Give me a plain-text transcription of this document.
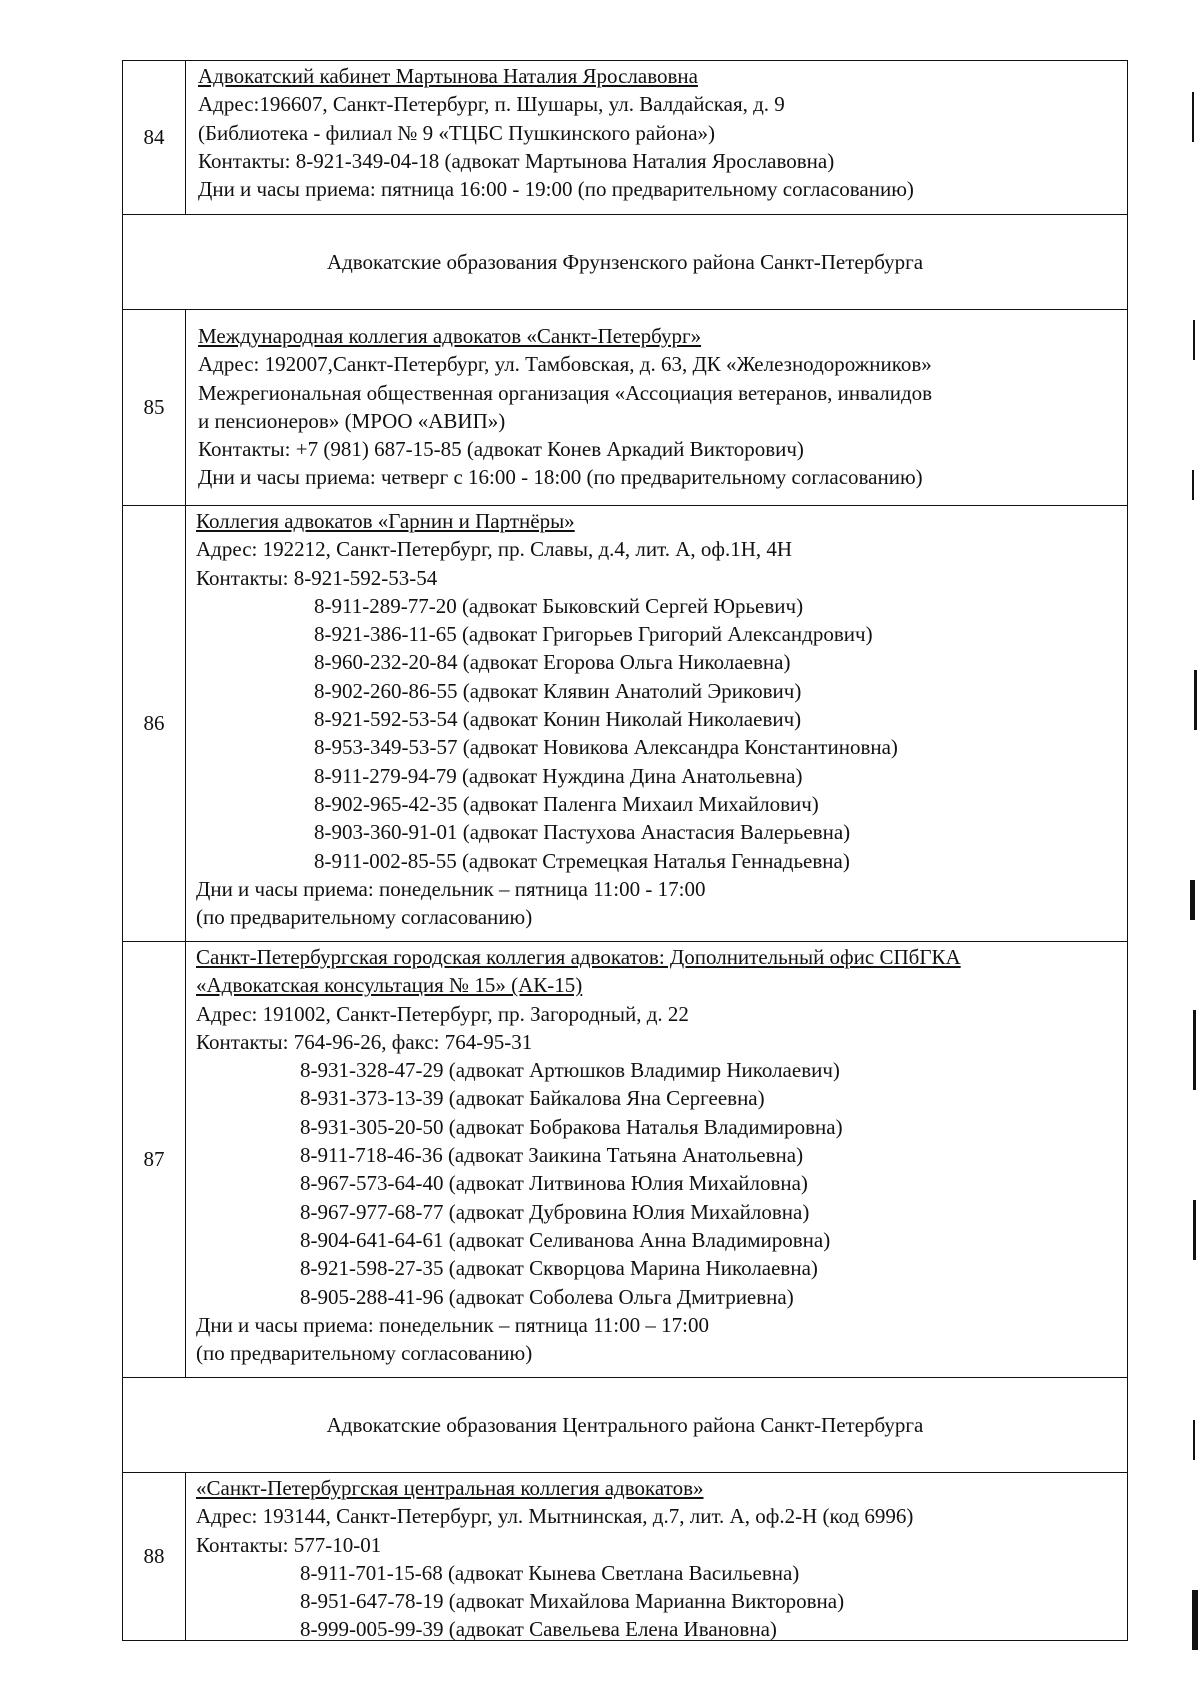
84
Адвокатский кабинет Мартынова Наталия Ярославовна
Адрес:196607, Санкт-Петербург, п. Шушары, ул. Валдайская, д. 9
(Библиотека - филиал № 9 «ТЦБС Пушкинского района»)
Контакты: 8-921-349-04-18 (адвокат Мартынова Наталия Ярославовна)
Дни и часы приема: пятница 16:00 - 19:00 (по предварительному согласованию)
Адвокатские образования Фрунзенского района Санкт-Петербурга
85
Международная коллегия адвокатов «Санкт-Петербург»
Адрес: 192007,Санкт-Петербург, ул. Тамбовская, д. 63, ДК «Железнодорожников»
Межрегиональная общественная организация «Ассоциация ветеранов, инвалидов
и пенсионеров» (МРОО «АВИП»)
Контакты: +7 (981) 687-15-85 (адвокат Конев Аркадий Викторович)
Дни и часы приема: четверг с 16:00 - 18:00 (по предварительному согласованию)
86
Коллегия адвокатов «Гарнин и Партнёры»
Адрес: 192212, Санкт-Петербург, пр. Славы, д.4, лит. А, оф.1Н, 4Н
Контакты: 8-921-592-53-54
8-911-289-77-20 (адвокат Быковский Сергей Юрьевич)
8-921-386-11-65 (адвокат Григорьев Григорий Александрович)
8-960-232-20-84 (адвокат Егорова Ольга Николаевна)
8-902-260-86-55 (адвокат Клявин Анатолий Эрикович)
8-921-592-53-54 (адвокат Конин Николай Николаевич)
8-953-349-53-57 (адвокат Новикова Александра Константиновна)
8-911-279-94-79 (адвокат Нуждина Дина Анатольевна)
8-902-965-42-35 (адвокат Паленга Михаил Михайлович)
8-903-360-91-01 (адвокат Пастухова Анастасия Валерьевна)
8-911-002-85-55 (адвокат Стремецкая Наталья Геннадьевна)
Дни и часы приема: понедельник – пятница 11:00 - 17:00
(по предварительному согласованию)
87
Санкт-Петербургская городская коллегия адвокатов: Дополнительный офис СПбГКА
«Адвокатская консультация № 15» (АК-15)
Адрес: 191002, Санкт-Петербург, пр. Загородный, д. 22
Контакты: 764-96-26, факс: 764-95-31
8-931-328-47-29 (адвокат Артюшков Владимир Николаевич)
8-931-373-13-39 (адвокат Байкалова Яна Сергеевна)
8-931-305-20-50 (адвокат Бобракова Наталья Владимировна)
8-911-718-46-36 (адвокат Заикина Татьяна Анатольевна)
8-967-573-64-40 (адвокат Литвинова Юлия Михайловна)
8-967-977-68-77 (адвокат Дубровина Юлия Михайловна)
8-904-641-64-61 (адвокат Селиванова Анна Владимировна)
8-921-598-27-35 (адвокат Скворцова Марина Николаевна)
8-905-288-41-96 (адвокат Соболева Ольга Дмитриевна)
Дни и часы приема: понедельник – пятница 11:00 – 17:00
(по предварительному согласованию)
Адвокатские образования Центрального района Санкт-Петербурга
88
«Санкт-Петербургская центральная коллегия адвокатов»
Адрес: 193144, Санкт-Петербург, ул. Мытнинская, д.7, лит. А, оф.2-Н (код 6996)
Контакты: 577-10-01
8-911-701-15-68 (адвокат Кынева Светлана Васильевна)
8-951-647-78-19 (адвокат Михайлова Марианна Викторовна)
8-999-005-99-39 (адвокат Савельева Елена Ивановна)
